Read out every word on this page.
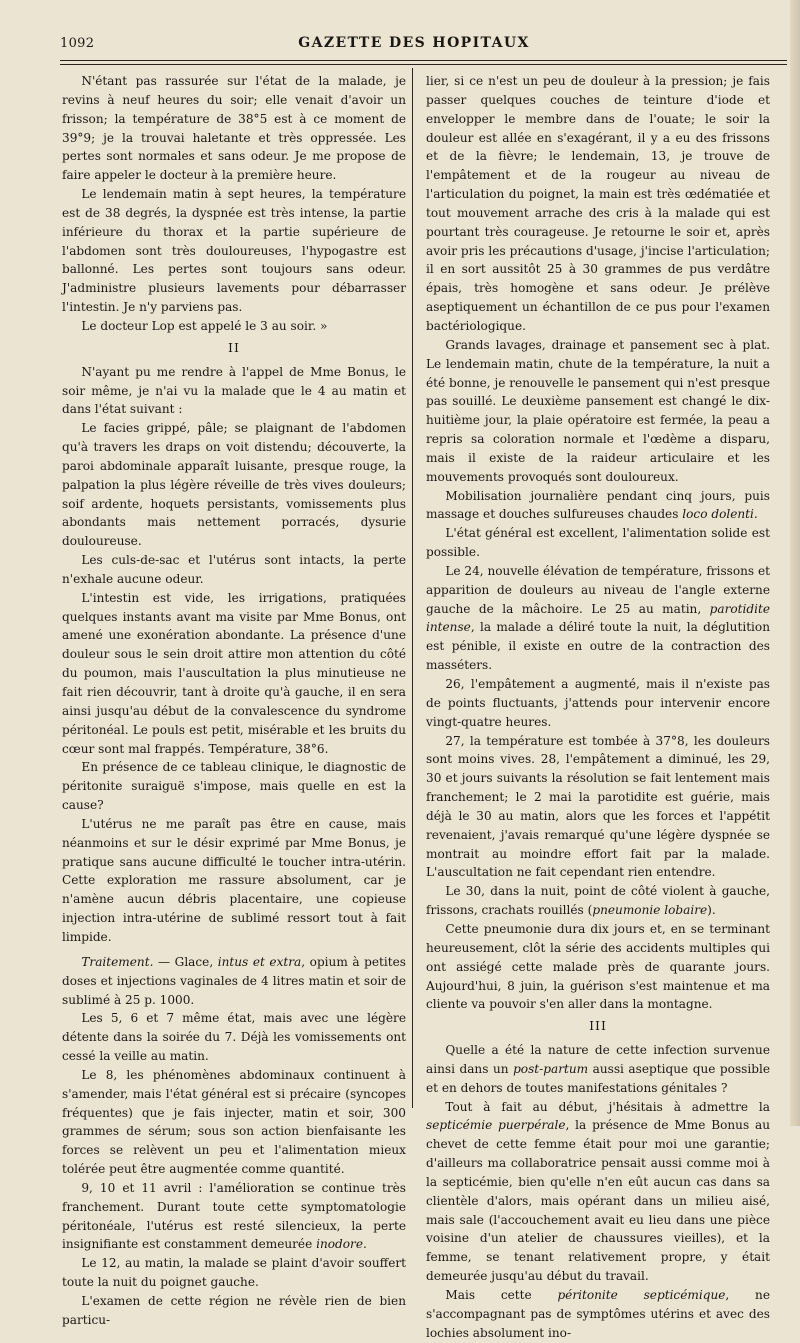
1092	GAZETTE DES HOPITAUX

N'étant pas rassurée sur l'état de la malade, je revins à neuf heures du soir; elle venait d'avoir un frisson; la température de 38°5 est à ce moment de 39°9; je la trouvai haletante et très oppressée. Les pertes sont normales et sans odeur. Je me propose de faire appeler le docteur à la première heure.

Le lendemain matin à sept heures, la température est de 38 degrés, la dyspnée est très intense, la partie inférieure du thorax et la partie supérieure de l'abdomen sont très douloureuses, l'hypogastre est ballonné. Les pertes sont toujours sans odeur. J'administre plusieurs lavements pour débarrasser l'intestin. Je n'y parviens pas.

Le docteur Lop est appelé le 3 au soir. »

II

N'ayant pu me rendre à l'appel de Mme Bonus, le soir même, je n'ai vu la malade que le 4 au matin et dans l'état suivant :

Le facies grippé, pâle; se plaignant de l'abdomen qu'à travers les draps on voit distendu; découverte, la paroi abdominale apparaît luisante, presque rouge, la palpation la plus légère réveille de très vives douleurs; soif ardente, hoquets persistants, vomissements plus abondants mais nettement porracés, dysurie douloureuse.

Les culs-de-sac et l'utérus sont intacts, la perte n'exhale aucune odeur.

L'intestin est vide, les irrigations, pratiquées quelques instants avant ma visite par Mme Bonus, ont amené une exonération abondante. La présence d'une douleur sous le sein droit attire mon attention du côté du poumon, mais l'auscultation la plus minutieuse ne fait rien découvrir, tant à droite qu'à gauche, il en sera ainsi jusqu'au début de la convalescence du syndrome péritonéal. Le pouls est petit, misérable et les bruits du cœur sont mal frappés. Température, 38°6.

En présence de ce tableau clinique, le diagnostic de péritonite suraiguë s'impose, mais quelle en est la cause?

L'utérus ne me paraît pas être en cause, mais néanmoins et sur le désir exprimé par Mme Bonus, je pratique sans aucune difficulté le toucher intra-utérin. Cette exploration me rassure absolument, car je n'amène aucun débris placentaire, une copieuse injection intra-utérine de sublimé ressort tout à fait limpide.

Traitement. — Glace, intus et extra, opium à petites doses et injections vaginales de 4 litres matin et soir de sublimé à 25 p. 1000.

Les 5, 6 et 7 même état, mais avec une légère détente dans la soirée du 7. Déjà les vomissements ont cessé la veille au matin.

Le 8, les phénomènes abdominaux continuent à s'amender, mais l'état général est si précaire (syncopes fréquentes) que je fais injecter, matin et soir, 300 grammes de sérum; sous son action bienfaisante les forces se relèvent un peu et l'alimentation mieux tolérée peut être augmentée comme quantité.

9, 10 et 11 avril : l'amélioration se continue très franchement. Durant toute cette symptomatologie péritonéale, l'utérus est resté silencieux, la perte insignifiante est constamment demeurée inodore.

Le 12, au matin, la malade se plaint d'avoir souffert toute la nuit du poignet gauche.

L'examen de cette région ne révèle rien de bien particu-

lier, si ce n'est un peu de douleur à la pression; je fais passer quelques couches de teinture d'iode et envelopper le membre dans de l'ouate; le soir la douleur est allée en s'exagérant, il y a eu des frissons et de la fièvre; le lendemain, 13, je trouve de l'empâtement et de la rougeur au niveau de l'articulation du poignet, la main est très œdématiée et tout mouvement arrache des cris à la malade qui est pourtant très courageuse. Je retourne le soir et, après avoir pris les précautions d'usage, j'incise l'articulation; il en sort aussitôt 25 à 30 grammes de pus verdâtre épais, très homogène et sans odeur. Je prélève aseptiquement un échantillon de ce pus pour l'examen bactériologique.

Grands lavages, drainage et pansement sec à plat. Le lendemain matin, chute de la température, la nuit a été bonne, je renouvelle le pansement qui n'est presque pas souillé. Le deuxième pansement est changé le dix-huitième jour, la plaie opératoire est fermée, la peau a repris sa coloration normale et l'œdème a disparu, mais il existe de la raideur articulaire et les mouvements provoqués sont douloureux.

Mobilisation journalière pendant cinq jours, puis massage et douches sulfureuses chaudes loco dolenti.

L'état général est excellent, l'alimentation solide est possible.

Le 24, nouvelle élévation de température, frissons et apparition de douleurs au niveau de l'angle externe gauche de la mâchoire. Le 25 au matin, parotidite intense, la malade a déliré toute la nuit, la déglutition est pénible, il existe en outre de la contraction des masséters.

26, l'empâtement a augmenté, mais il n'existe pas de points fluctuants, j'attends pour intervenir encore vingt-quatre heures.

27, la température est tombée à 37°8, les douleurs sont moins vives. 28, l'empâtement a diminué, les 29, 30 et jours suivants la résolution se fait lentement mais franchement; le 2 mai la parotidite est guérie, mais déjà le 30 au matin, alors que les forces et l'appétit revenaient, j'avais remarqué qu'une légère dyspnée se montrait au moindre effort fait par la malade. L'auscultation ne fait cependant rien entendre.

Le 30, dans la nuit, point de côté violent à gauche, frissons, crachats rouillés (pneumonie lobaire).

Cette pneumonie dura dix jours et, en se terminant heureusement, clôt la série des accidents multiples qui ont assiégé cette malade près de quarante jours. Aujourd'hui, 8 juin, la guérison s'est maintenue et ma cliente va pouvoir s'en aller dans la montagne.

III

Quelle a été la nature de cette infection survenue ainsi dans un post-partum aussi aseptique que possible et en dehors de toutes manifestations génitales ?

Tout à fait au début, j'hésitais à admettre la septicémie puerpérale, la présence de Mme Bonus au chevet de cette femme était pour moi une garantie; d'ailleurs ma collaboratrice pensait aussi comme moi à la septicémie, bien qu'elle n'en eût aucun cas dans sa clientèle d'alors, mais opérant dans un milieu aisé, mais sale (l'accouchement avait eu lieu dans une pièce voisine d'un atelier de chaussures vieilles), et la femme, se tenant relativement propre, y était demeurée jusqu'au début du travail.

Mais cette péritonite septicémique, ne s'accompagnant pas de symptômes utérins et avec des lochies absolument ino-
